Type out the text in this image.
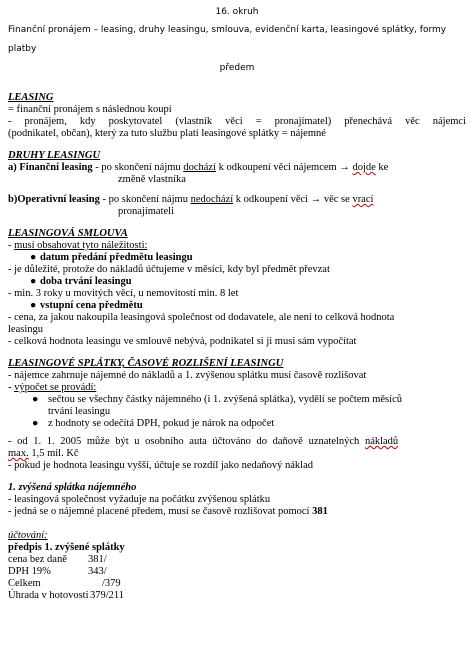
16. okruh
Finanční pronájem – leasing, druhy leasingu, smlouva, evidenční karta, leasingové splátky, formy platby
předem
LEASING
= finanční pronájem s následnou koupí
- pronájem, kdy poskytovatel (vlastník věci = pronajímatel) přenechává věc nájemci
(podnikatel, občan), který za tuto službu platí leasingové splátky = nájemné
DRUHY LEASINGU
a) Finanční leasing - po skončení nájmu dochází k odkoupení věci nájemcem → dojde ke
změně vlastníka
b)Operativní leasing - po skončení nájmu nedochází k odkoupení věci → věc se vrací
pronajímateli
LEASINGOVÁ SMLOUVA
- musí obsahovat tyto náležitosti:
● datum předání předmětu leasingu
- je důležité, protože do nákladů účtujeme v měsíci, kdy byl předmět převzat
● doba trvání leasingu
- min. 3 roky u movitých věcí, u nemovitostí min. 8 let
● vstupní cena předmětu
- cena, za jakou nakoupila leasingová společnost od dodavatele, ale není to celková hodnota
leasingu
- celková hodnota leasingu ve smlouvě nebývá, podnikatel si ji musí sám vypočítat
LEASINGOVÉ SPLÁTKY, ČASOVÉ ROZLIŠENÍ LEASINGU
- nájemce zahrnuje nájemné do nákladů a 1. zvýšenou splátku musí časově rozlišovat
- výpočet se provádí:
● sečtou se všechny částky nájemného (i 1. zvýšená splátka), vydělí se počtem měsíců
trvání leasingu
● z hodnoty se odečítá DPH, pokud je nárok na odpočet
- od 1. 1. 2005 může být u osobního auta účtováno do daňově uznatelných nákladů
max. 1,5 mil. Kč
- pokud je hodnota leasingu vyšší, účtuje se rozdíl jako nedaňový náklad
1. zvýšená splátka nájemného
- leasingová společnost vyžaduje na počátku zvýšenou splátku
- jedná se o nájemné placené předem, musí se časově rozlišovat pomocí 381
účtování:
předpis 1. zvýšené splátky
cena bez daně	381/
DPH 19%	343/
Celkem	/379
Úhrada v hotovosti 379/211
